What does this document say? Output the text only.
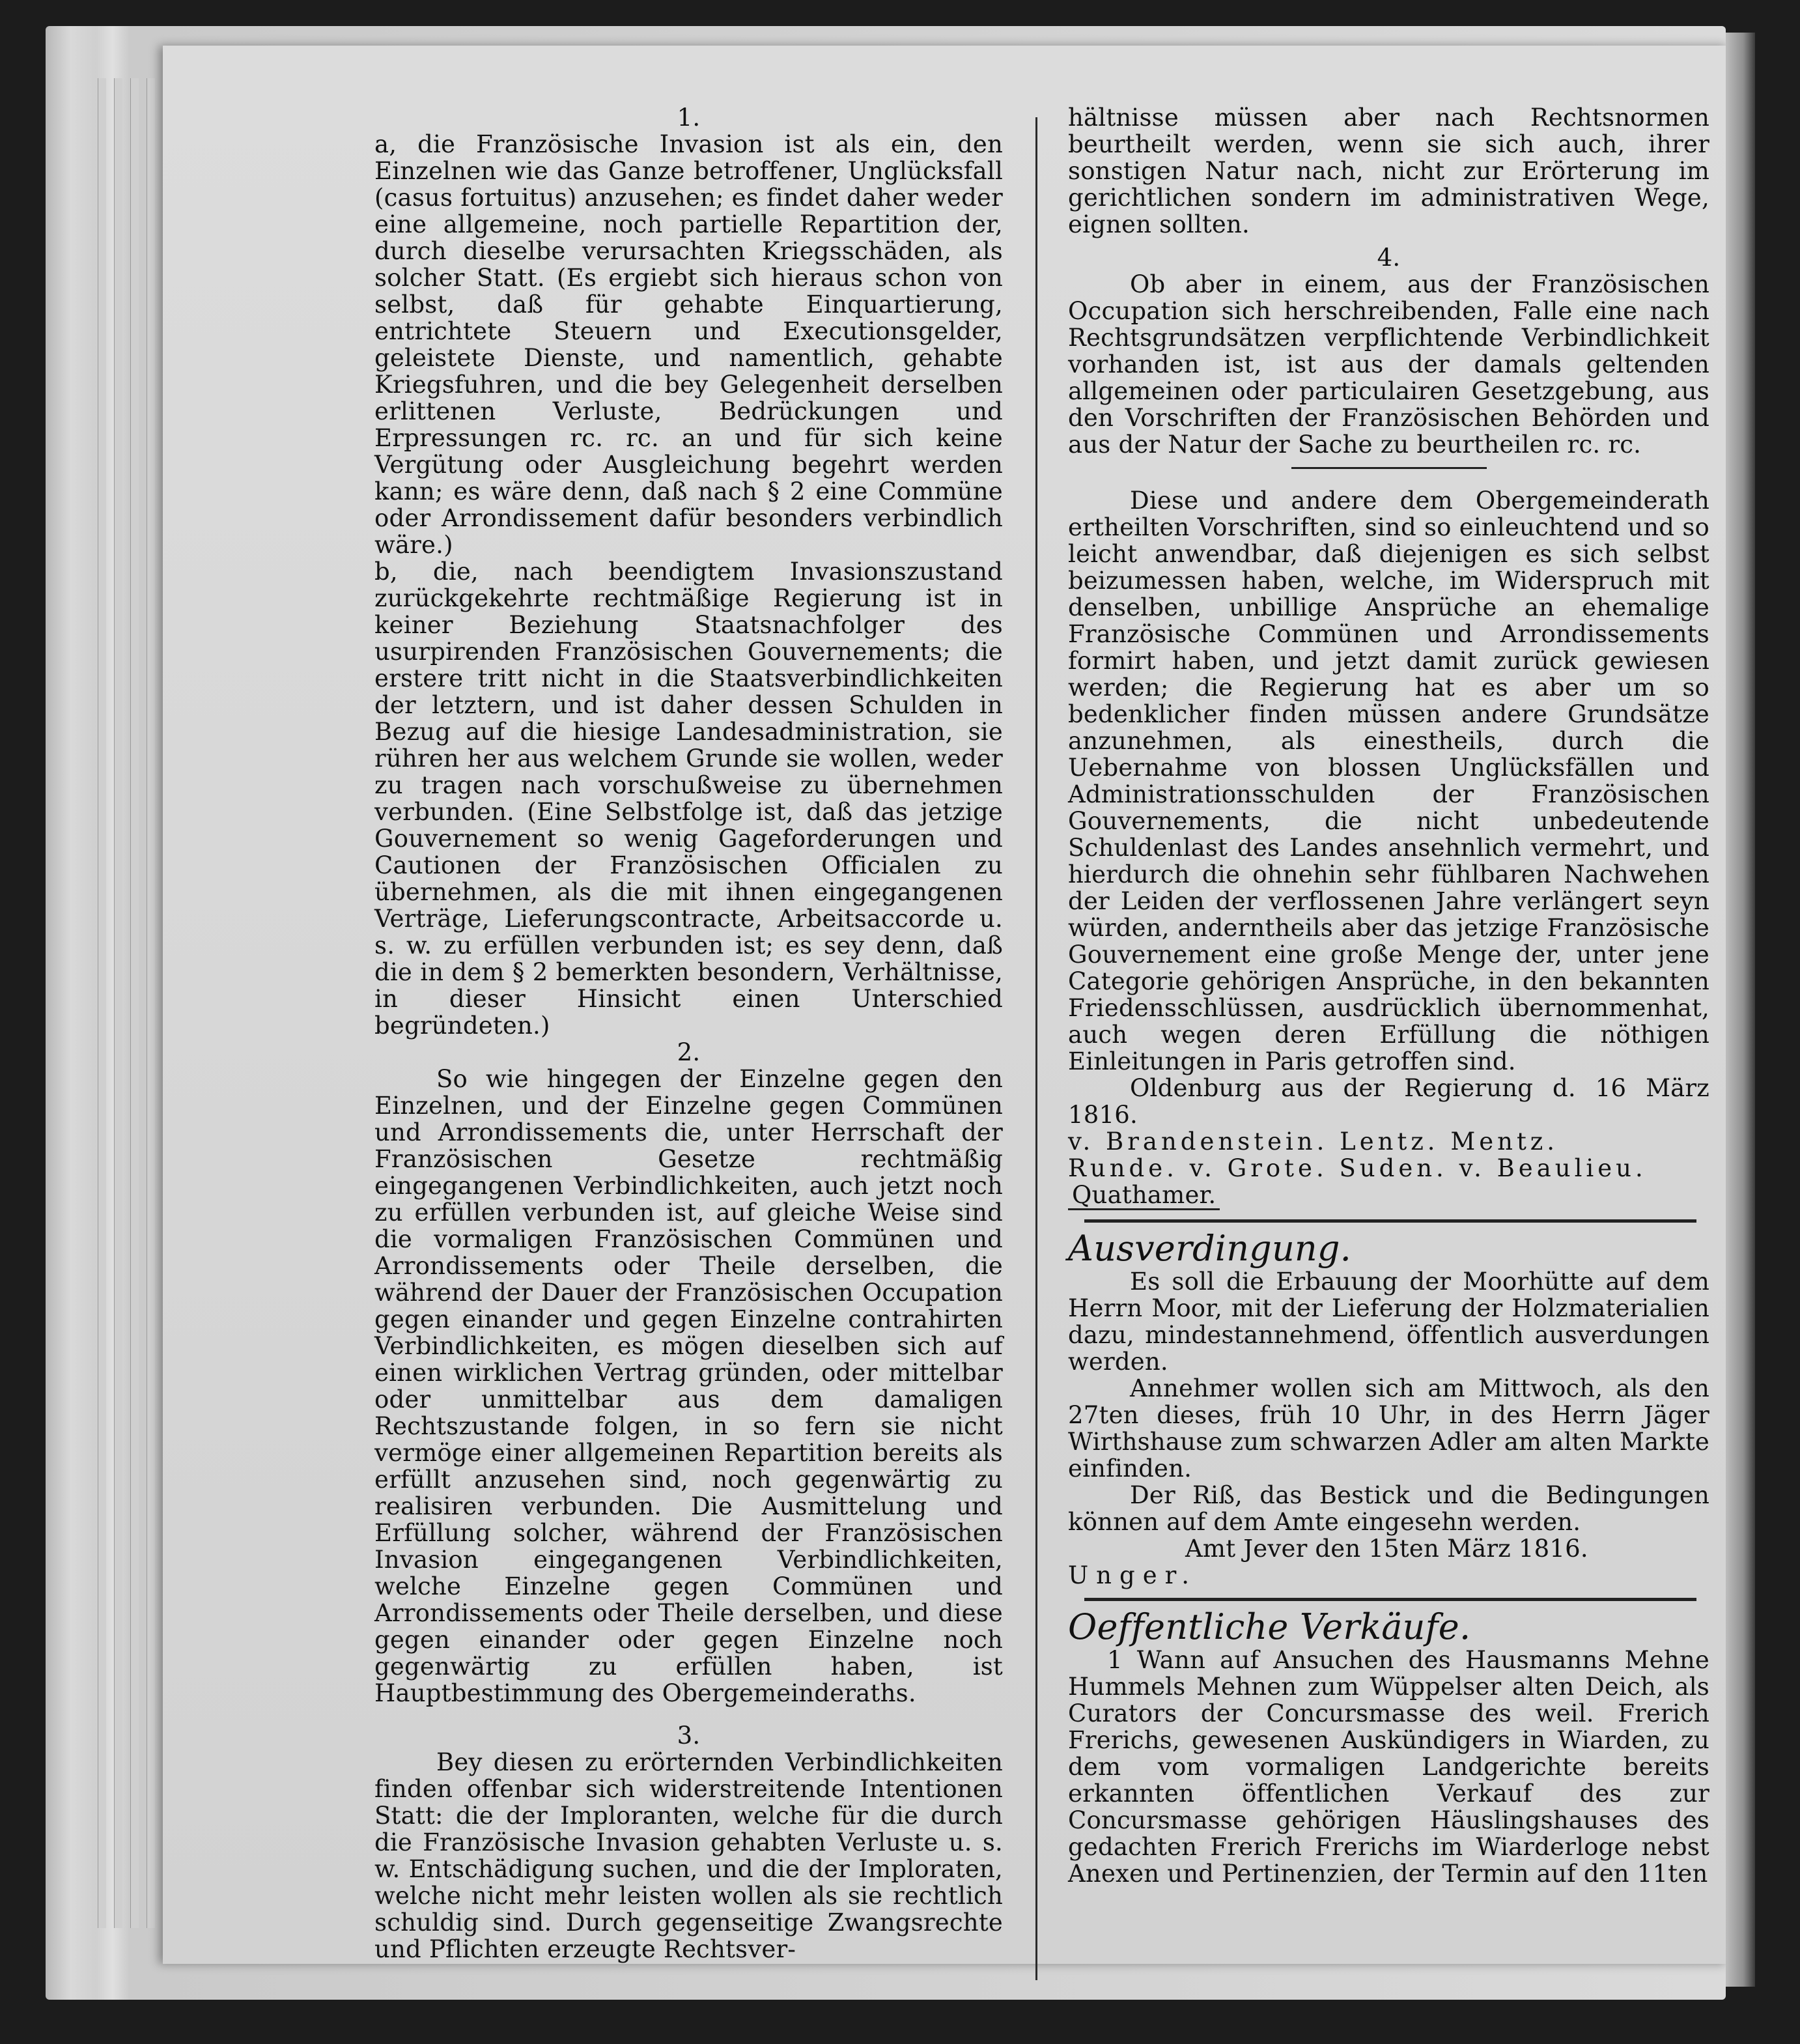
1.

a, die Französische Invasion ist als ein, den Einzelnen wie das Ganze betroffener, Unglücksfall (casus fortuitus) anzusehen; es findet daher weder eine allgemeine, noch partielle Repartition der, durch dieselbe verursachten Kriegsschäden, als solcher Statt. (Es ergiebt sich hieraus schon von selbst, daß für gehabte Einquartierung, entrichtete Steuern und Executionsgelder, geleistete Dienste, und namentlich, gehabte Kriegsfuhren, und die bey Gelegenheit derselben erlittenen Verluste, Bedrückungen und Erpressungen rc. rc. an und für sich keine Vergütung oder Ausgleichung begehrt werden kann; es wäre denn, daß nach § 2 eine Commüne oder Arrondissement dafür besonders verbindlich wäre.)

b, die, nach beendigtem Invasionszustand zurückgekehrte rechtmäßige Regierung ist in keiner Beziehung Staatsnachfolger des usurpirenden Französischen Gouvernements; die erstere tritt nicht in die Staatsverbindlichkeiten der letztern, und ist daher dessen Schulden in Bezug auf die hiesige Landesadministration, sie rühren her aus welchem Grunde sie wollen, weder zu tragen nach vorschußweise zu übernehmen verbunden. (Eine Selbstfolge ist, daß das jetzige Gouvernement so wenig Gageforderungen und Cautionen der Französischen Officialen zu übernehmen, als die mit ihnen eingegangenen Verträge, Lieferungscontracte, Arbeitsaccorde u. s. w. zu erfüllen verbunden ist; es sey denn, daß die in dem § 2 bemerkten besondern, Verhältnisse, in dieser Hinsicht einen Unterschied begründeten.)

2.

So wie hingegen der Einzelne gegen den Einzelnen, und der Einzelne gegen Commünen und Arrondissements die, unter Herrschaft der Französischen Gesetze rechtmäßig eingegangenen Verbindlichkeiten, auch jetzt noch zu erfüllen verbunden ist, auf gleiche Weise sind die vormaligen Französischen Commünen und Arrondissements oder Theile derselben, die während der Dauer der Französischen Occupation gegen einander und gegen Einzelne contrahirten Verbindlichkeiten, es mögen dieselben sich auf einen wirklichen Vertrag gründen, oder mittelbar oder unmittelbar aus dem damaligen Rechtszustande folgen, in so fern sie nicht vermöge einer allgemeinen Repartition bereits als erfüllt anzusehen sind, noch gegenwärtig zu realisiren verbunden. Die Ausmittelung und Erfüllung solcher, während der Französischen Invasion eingegangenen Verbindlichkeiten, welche Einzelne gegen Commünen und Arrondissements oder Theile derselben, und diese gegen einander oder gegen Einzelne noch gegenwärtig zu erfüllen haben, ist Hauptbestimmung des Obergemeinderaths.

3.

Bey diesen zu erörternden Verbindlichkeiten finden offenbar sich widerstreitende Intentionen Statt: die der Imploranten, welche für die durch die Französische Invasion gehabten Verluste u. s. w. Entschädigung suchen, und die der Imploraten, welche nicht mehr leisten wollen als sie rechtlich schuldig sind. Durch gegenseitige Zwangsrechte und Pflichten erzeugte Rechtsver-

hältnisse müssen aber nach Rechtsnormen beurtheilt werden, wenn sie sich auch, ihrer sonstigen Natur nach, nicht zur Erörterung im gerichtlichen sondern im administrativen Wege, eignen sollten.

4.

Ob aber in einem, aus der Französischen Occupation sich herschreibenden, Falle eine nach Rechtsgrundsätzen verpflichtende Verbindlichkeit vorhanden ist, ist aus der damals geltenden allgemeinen oder particulairen Gesetzgebung, aus den Vorschriften der Französischen Behörden und aus der Natur der Sache zu beurtheilen rc. rc.

Diese und andere dem Obergemeinderath ertheilten Vorschriften, sind so einleuchtend und so leicht anwendbar, daß diejenigen es sich selbst beizumessen haben, welche, im Widerspruch mit denselben, unbillige Ansprüche an ehemalige Französische Commünen und Arrondissements formirt haben, und jetzt damit zurück gewiesen werden; die Regierung hat es aber um so bedenklicher finden müssen andere Grundsätze anzunehmen, als einestheils, durch die Uebernahme von blossen Unglücksfällen und Administrationsschulden der Französischen Gouvernements, die nicht unbedeutende Schuldenlast des Landes ansehnlich vermehrt, und hierdurch die ohnehin sehr fühlbaren Nachwehen der Leiden der verflossenen Jahre verlängert seyn würden, anderntheils aber das jetzige Französische Gouvernement eine große Menge der, unter jene Categorie gehörigen Ansprüche, in den bekannten Friedensschlüssen, ausdrücklich übernommenhat, auch wegen deren Erfüllung die nöthigen Einleitungen in Paris getroffen sind.

Oldenburg aus der Regierung d. 16 März 1816.

v. Brandenstein. Lentz. Mentz.

Runde. v. Grote. Suden. v. Beaulieu.

Quathamer.

Ausverdingung.

Es soll die Erbauung der Moorhütte auf dem Herrn Moor, mit der Lieferung der Holzmaterialien dazu, mindestannehmend, öffentlich ausverdungen werden.

Annehmer wollen sich am Mittwoch, als den 27ten dieses, früh 10 Uhr, in des Herrn Jäger Wirthshause zum schwarzen Adler am alten Markte einfinden.

Der Riß, das Bestick und die Bedingungen können auf dem Amte eingesehn werden.

Amt Jever den 15ten März 1816.

Unger.

Oeffentliche Verkäufe.

1 Wann auf Ansuchen des Hausmanns Mehne Hummels Mehnen zum Wüppelser alten Deich, als Curators der Concursmasse des weil. Frerich Frerichs, gewesenen Auskündigers in Wiarden, zu dem vom vormaligen Landgerichte bereits erkannten öffentlichen Verkauf des zur Concursmasse gehörigen Häuslingshauses des gedachten Frerich Frerichs im Wiarderloge nebst Anexen und Pertinenzien, der Termin auf den 11ten
